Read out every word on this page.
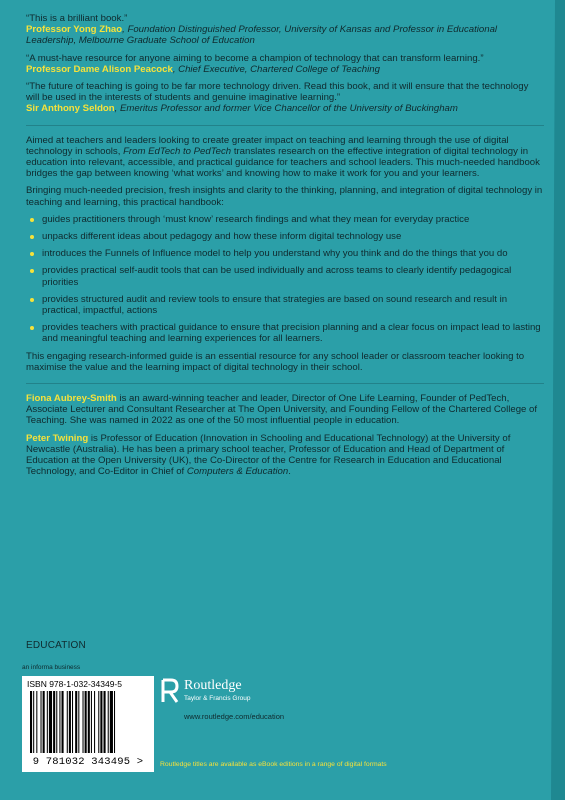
“This is a brilliant book.”
Professor Yong Zhao, Foundation Distinguished Professor, University of Kansas and Professor in Educational Leadership, Melbourne Graduate School of Education
“A must-have resource for anyone aiming to become a champion of technology that can transform learning.”
Professor Dame Alison Peacock, Chief Executive, Chartered College of Teaching
“The future of teaching is going to be far more technology driven. Read this book, and it will ensure that the technology will be used in the interests of students and genuine imaginative learning.”
Sir Anthony Seldon, Emeritus Professor and former Vice Chancellor of the University of Buckingham

Aimed at teachers and leaders looking to create greater impact on teaching and learning through the use of digital technology in schools, From EdTech to PedTech translates research on the effective integration of digital technology in education into relevant, accessible, and practical guidance for teachers and school leaders. This much-needed handbook bridges the gap between knowing ‘what works’ and knowing how to make it work for you and your learners.

Bringing much-needed precision, fresh insights and clarity to the thinking, planning, and integration of digital technology in teaching and learning, this practical handbook:

guides practitioners through ‘must know’ research findings and what they mean for everyday practice
unpacks different ideas about pedagogy and how these inform digital technology use
introduces the Funnels of Influence model to help you understand why you think and do the things that you do
provides practical self-audit tools that can be used individually and across teams to clearly identify pedagogical priorities
provides structured audit and review tools to ensure that strategies are based on sound research and result in practical, impactful, actions
provides teachers with practical guidance to ensure that precision planning and a clear focus on impact lead to lasting and meaningful teaching and learning experiences for all learners.

This engaging research-informed guide is an essential resource for any school leader or classroom teacher looking to maximise the value and the learning impact of digital technology in their school.

Fiona Aubrey-Smith is an award-winning teacher and leader, Director of One Life Learning, Founder of PedTech, Associate Lecturer and Consultant Researcher at The Open University, and Founding Fellow of the Chartered College of Teaching. She was named in 2022 as one of the 50 most influential people in education.

Peter Twining is Professor of Education (Innovation in Schooling and Educational Technology) at the University of Newcastle (Australia). He has been a primary school teacher, Professor of Education and Head of Department of Education at the Open University (UK), the Co-Director of the Centre for Research in Education and Educational Technology, and Co-Editor in Chief of Computers & Education.

EDUCATION
an informa business
ISBN 978-1-032-34349-5
9 781032 343495 >
Routledge
Taylor & Francis Group
www.routledge.com/education
Routledge titles are available as eBook editions in a range of digital formats
